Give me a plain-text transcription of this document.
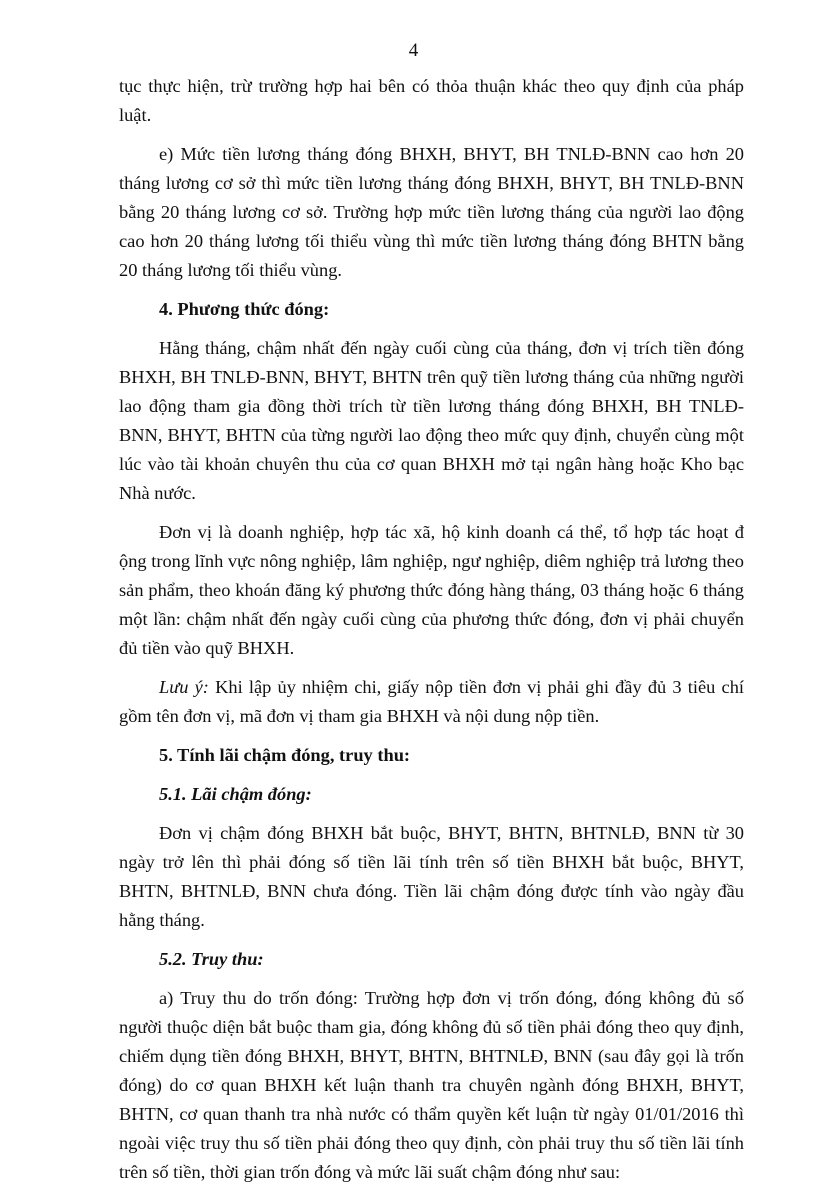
4

tục thực hiện, trừ trường hợp hai bên có thỏa thuận khác theo quy định của pháp luật.

e) Mức tiền lương tháng đóng BHXH, BHYT, BH TNLĐ-BNN cao hơn 20 tháng lương cơ sở thì mức tiền lương tháng đóng BHXH, BHYT, BH TNLĐ-BNN bằng 20 tháng lương cơ sở. Trường hợp mức tiền lương tháng của người lao động cao hơn 20 tháng lương tối thiểu vùng thì mức tiền lương tháng đóng BHTN bằng 20 tháng lương tối thiểu vùng.

4. Phương thức đóng:

Hằng tháng, chậm nhất đến ngày cuối cùng của tháng, đơn vị trích tiền đóng BHXH, BH TNLĐ-BNN, BHYT, BHTN trên quỹ tiền lương tháng của những người lao động tham gia đồng thời trích từ tiền lương tháng đóng BHXH, BH TNLĐ-BNN, BHYT, BHTN của từng người lao động theo mức quy định, chuyển cùng một lúc vào tài khoản chuyên thu của cơ quan BHXH mở tại ngân hàng hoặc Kho bạc Nhà nước.

Đơn vị là doanh nghiệp, hợp tác xã, hộ kinh doanh cá thể, tổ hợp tác hoạt đ ộng trong lĩnh vực nông nghiệp, lâm nghiệp, ngư nghiệp, diêm nghiệp trả lương theo sản phẩm, theo khoán đăng ký phương thức đóng hàng tháng, 03 tháng hoặc 6 tháng một lần: chậm nhất đến ngày cuối cùng của phương thức đóng, đơn vị phải chuyển đủ tiền vào quỹ BHXH.

Lưu ý: Khi lập ủy nhiệm chi, giấy nộp tiền đơn vị phải ghi đầy đủ 3 tiêu chí gồm tên đơn vị, mã đơn vị tham gia BHXH và nội dung nộp tiền.

5. Tính lãi chậm đóng, truy thu:

5.1. Lãi chậm đóng:

Đơn vị chậm đóng BHXH bắt buộc, BHYT, BHTN, BHTNLĐ, BNN từ 30 ngày trở lên thì phải đóng số tiền lãi tính trên số tiền BHXH bắt buộc, BHYT, BHTN, BHTNLĐ, BNN chưa đóng. Tiền lãi chậm đóng được tính vào ngày đầu hằng tháng.

5.2. Truy thu:

a) Truy thu do trốn đóng: Trường hợp đơn vị trốn đóng, đóng không đủ số người thuộc diện bắt buộc tham gia, đóng không đủ số tiền phải đóng theo quy định, chiếm dụng tiền đóng BHXH, BHYT, BHTN, BHTNLĐ, BNN (sau đây gọi là trốn đóng) do cơ quan BHXH kết luận thanh tra chuyên ngành đóng BHXH, BHYT, BHTN, cơ quan thanh tra nhà nước có thẩm quyền kết luận từ ngày 01/01/2016 thì ngoài việc truy thu số tiền phải đóng theo quy định, còn phải truy thu số tiền lãi tính trên số tiền, thời gian trốn đóng và mức lãi suất chậm đóng như sau:
